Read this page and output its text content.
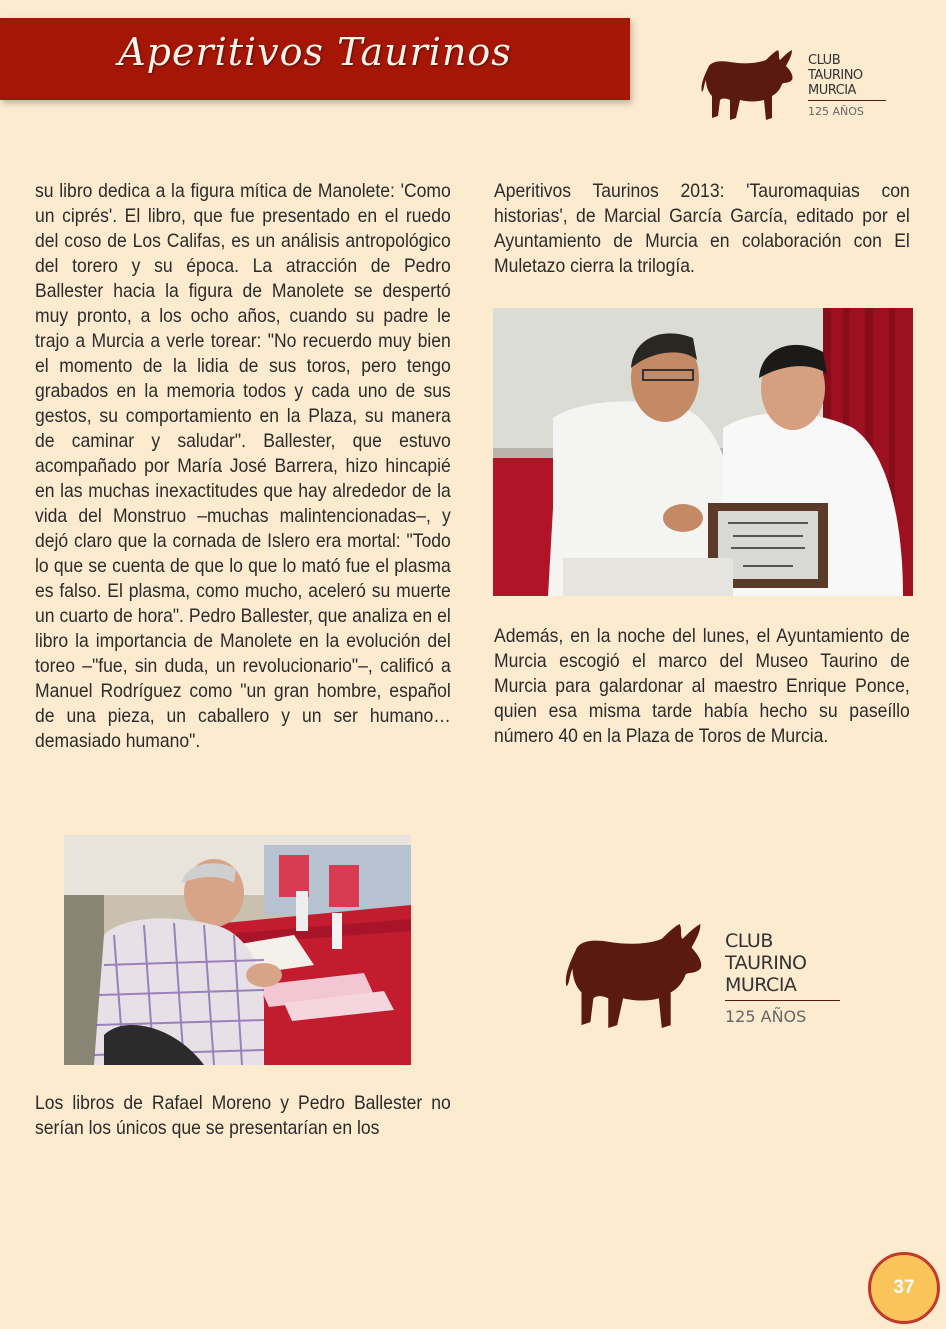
Aperitivos Taurinos	CLUB
TAURINO
MURCIA
125 AÑOS

su libro dedica a la figura mítica de Manolete: 'Como un ciprés'. El libro, que fue presentado en el ruedo del coso de Los Califas, es un análisis antropológico del torero y su época. La atracción de Pedro Ballester hacia la figura de Manolete se despertó muy pronto, a los ocho años, cuando su padre le trajo a Murcia a verle torear: "No recuerdo muy bien el momento de la lidia de sus toros, pero tengo grabados en la memoria todos y cada uno de sus gestos, su comportamiento en la Plaza, su manera de caminar y saludar". Ballester, que estuvo acompañado por María José Barrera, hizo hincapié en las muchas inexactitudes que hay alrededor de la vida del Monstruo –muchas malintencionadas–, y dejó claro que la cornada de Islero era mortal: "Todo lo que se cuenta de que lo que lo mató fue el plasma es falso. El plasma, como mucho, aceleró su muerte un cuarto de hora". Pedro Ballester, que analiza en el libro la importancia de Manolete en la evolución del toreo –"fue, sin duda, un revolucionario"–, calificó a Manuel Rodríguez como "un gran hombre, español de una pieza, un caballero y un ser humano… demasiado humano".

Los libros de Rafael Moreno y Pedro Ballester no serían los únicos que se presentarían en los

Aperitivos Taurinos 2013: 'Tauromaquias con historias', de Marcial García García, editado por el Ayuntamiento de Murcia en colaboración con El Muletazo cierra la trilogía.

Además, en la noche del lunes, el Ayuntamiento de Murcia escogió el marco del Museo Taurino de Murcia para galardonar al maestro Enrique Ponce, quien esa misma tarde había hecho su paseíllo número 40 en la Plaza de Toros de Murcia.

CLUB
TAURINO
MURCIA
125 AÑOS
37
